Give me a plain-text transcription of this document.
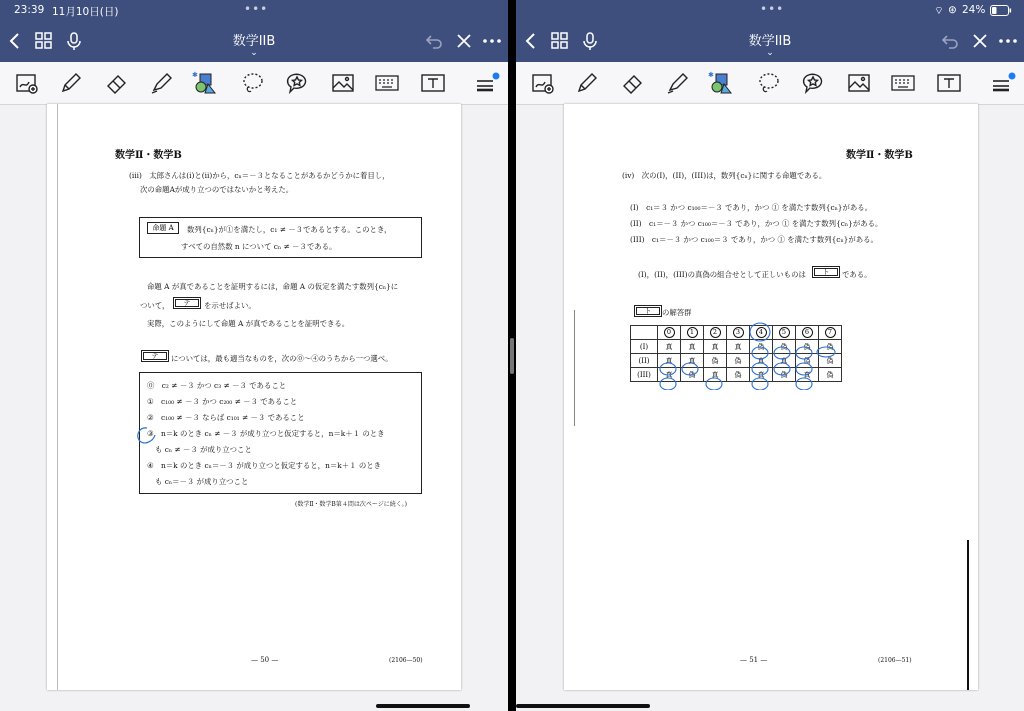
23:39 11月10日(日)	•••
数学IIB
⌄
✱
数学Ⅱ・数学B
(iii)　太郎さんは(i)と(ii)から，cₙ＝－３となることがあるかどうかに着目し，
次の命題Aが成り立つのではないかと考えた。
命題 A	数列{cₙ}が①を満たし，c₁ ≠ －３であるとする。このとき，
すべての自然数 n について cₙ ≠ －３である。
命題 A が真であることを証明するには，命題 A の仮定を満たす数列{cₙ}に
ついて，	テ	を示せばよい。
実際，このようにして命題 A が真であることを証明できる。
テ	については，最も適当なものを，次の⓪～④のうちから一つ選べ。
⓪　c₂ ≠ －３ かつ c₃ ≠ －３ であること
①　c₁₀₀ ≠ －３ かつ c₂₀₀ ≠ －３ であること
②　c₁₀₀ ≠ －３ ならば c₁₀₁ ≠ －３ であること
③　n＝k のとき cₙ ≠ －３ が成り立つと仮定すると，n＝k＋１ のとき
も cₙ ≠ －３ が成り立つこと
④　n＝k のとき cₙ＝－３ が成り立つと仮定すると，n＝k＋１ のとき
も cₙ＝－３ が成り立つこと
(数学Ⅱ・数学B第４問は次ページに続く。)
— 50 —	(2106—50)
•••	⌔ ⊛ 24%
数学IIB
⌄
✱
数学Ⅱ・数学B
(iv)　次の(I)，(II)，(III)は，数列{cₙ}に関する命題である。
(I)　c₁＝３ かつ c₁₀₀＝－３ であり，かつ ① を満たす数列{cₙ}がある。
(II)　c₁＝－３ かつ c₁₀₀＝－３ であり，かつ ① を満たす数列{cₙ}がある。
(III)　c₁＝－３ かつ c₁₀₀＝３ であり，かつ ① を満たす数列{cₙ}がある。
(I)，(II)，(III)の真偽の組合せとして正しいものは	ト	である。
ト	の解答群
	0	1	2	3	4	5	6	7
(I)	真	真	真	真	偽	偽	偽	偽
(II)	真	真	偽	偽	真	真	偽	偽
(III)	真	偽	真	偽	真	偽	真	偽
— 51 —	(2106—51)
